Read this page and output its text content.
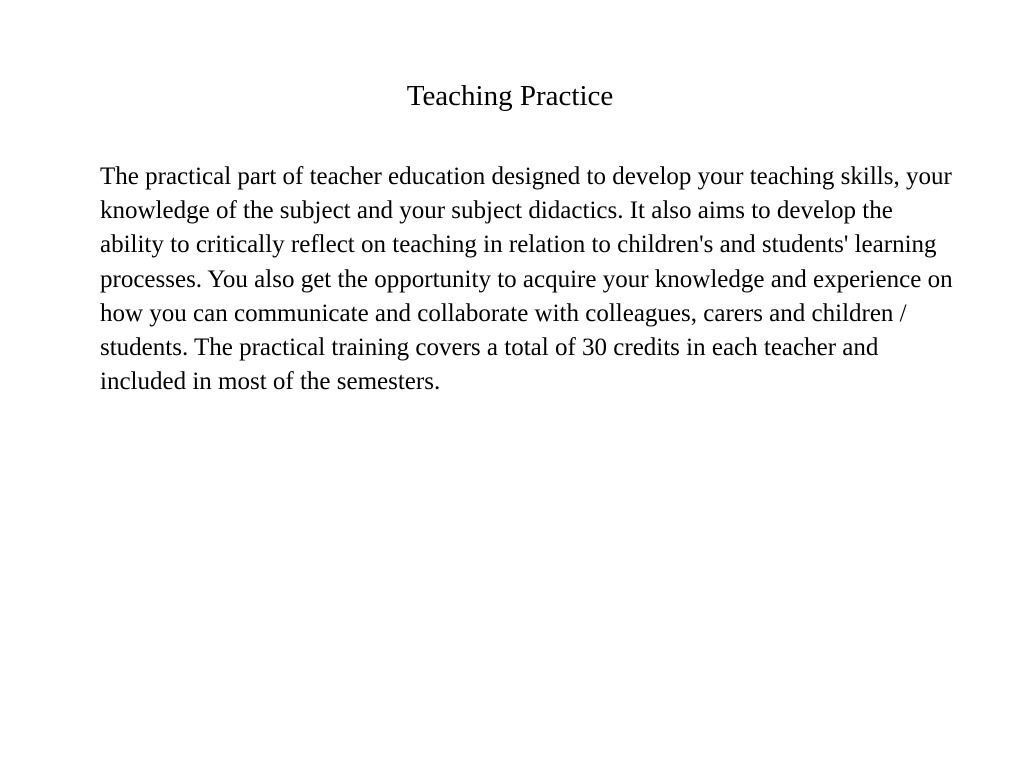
Teaching Practice

The practical part of teacher education designed to develop your teaching skills, your knowledge of the subject and your subject didactics. It also aims to develop the ability to critically reflect on teaching in relation to children's and students' learning processes. You also get the opportunity to acquire your knowledge and experience on how you can communicate and collaborate with colleagues, carers and children / students. The practical training covers a total of 30 credits in each teacher and included in most of the semesters.
